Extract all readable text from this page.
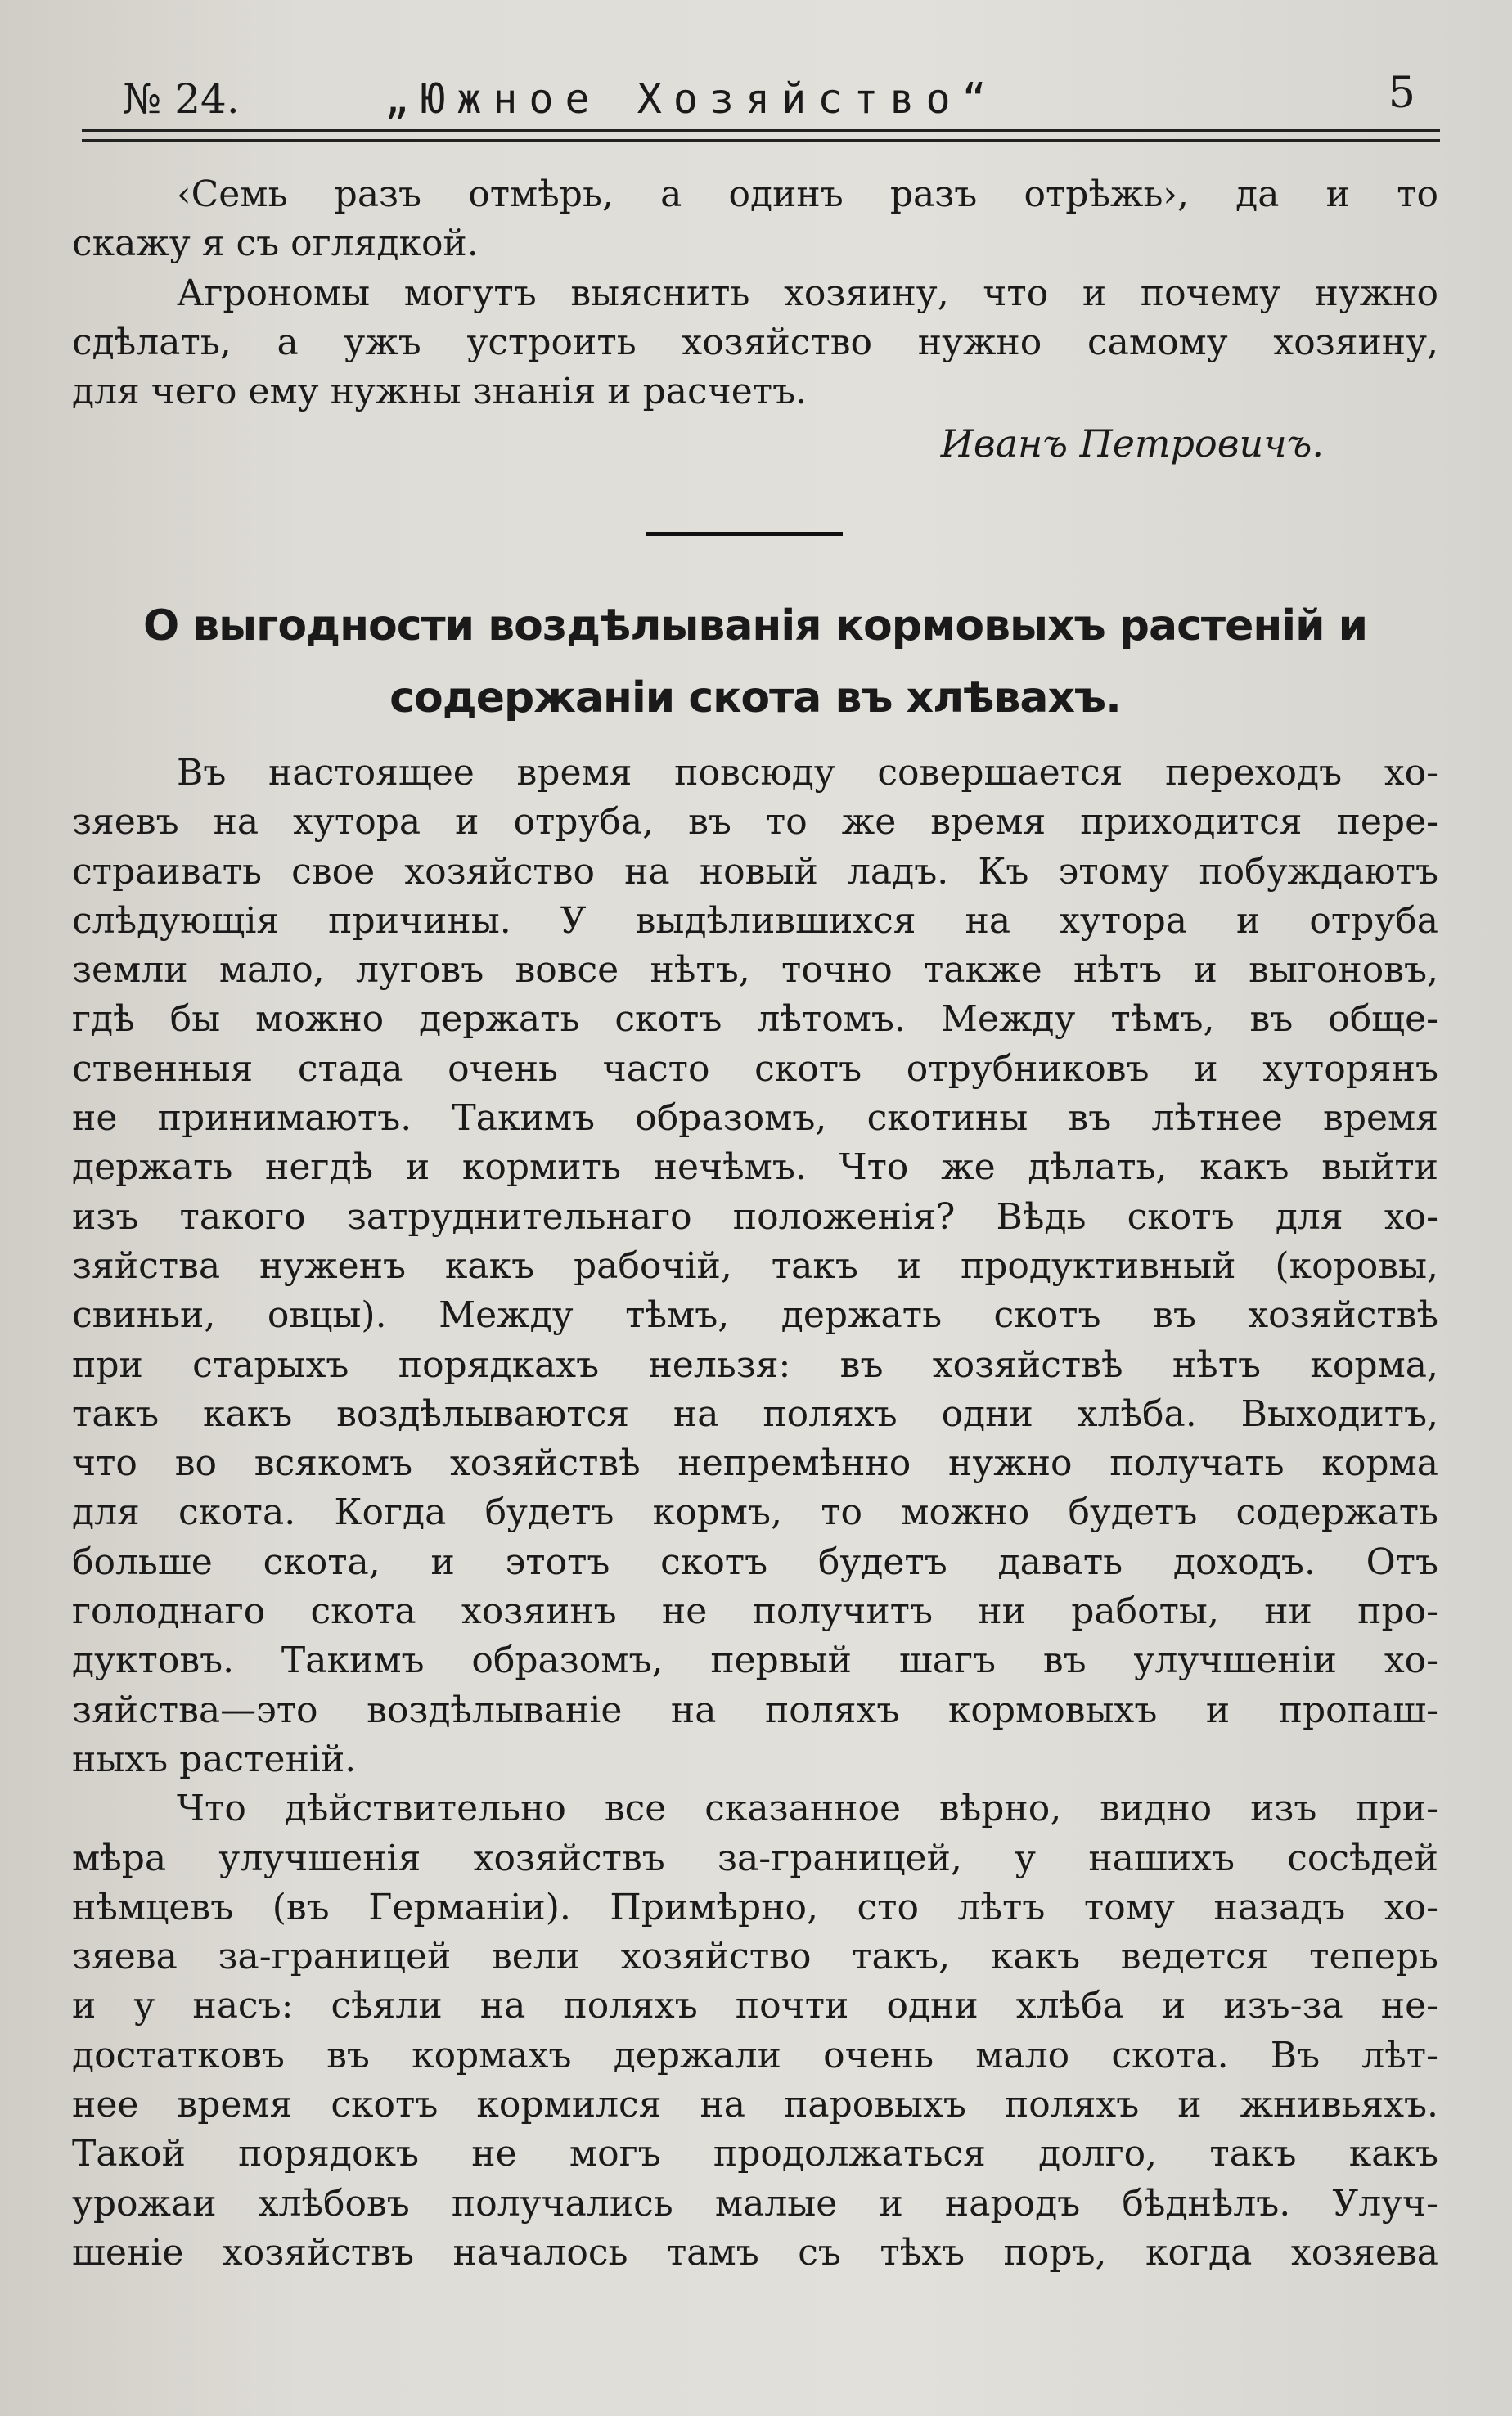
№ 24.	„Южное Хозяйство“	5
‹Семь разъ отмѣрь, а одинъ разъ отрѣжь›, да и то
скажу я съ оглядкой.
Агрономы могутъ выяснить хозяину, что и почему нужно
сдѣлать, а ужъ устроить хозяйство нужно самому хозяину,
для чего ему нужны знанія и расчетъ.
Иванъ Петровичъ.
О выгодности воздѣлыванія кормовыхъ растеній и
содержаніи скота въ хлѣвахъ.
Въ настоящее время повсюду совершается переходъ хо-
зяевъ на хутора и отруба, въ то же время приходится пере-
страивать свое хозяйство на новый ладъ. Къ этому побуждаютъ
слѣдующія причины. У выдѣлившихся на хутора и отруба
земли мало, луговъ вовсе нѣтъ, точно также нѣтъ и выгоновъ,
гдѣ бы можно держать скотъ лѣтомъ. Между тѣмъ, въ обще-
ственныя стада очень часто скотъ отрубниковъ и хуторянъ
не принимаютъ. Такимъ образомъ, скотины въ лѣтнее время
держать негдѣ и кормить нечѣмъ. Что же дѣлать, какъ выйти
изъ такого затруднительнаго положенія? Вѣдь скотъ для хо-
зяйства нуженъ какъ рабочій, такъ и продуктивный (коровы,
свиньи, овцы). Между тѣмъ, держать скотъ въ хозяйствѣ
при старыхъ порядкахъ нельзя: въ хозяйствѣ нѣтъ корма,
такъ какъ воздѣлываются на поляхъ одни хлѣба. Выходитъ,
что во всякомъ хозяйствѣ непремѣнно нужно получать корма
для скота. Когда будетъ кормъ, то можно будетъ содержать
больше скота, и этотъ скотъ будетъ давать доходъ. Отъ
голоднаго скота хозяинъ не получитъ ни работы, ни про-
дуктовъ. Такимъ образомъ, первый шагъ въ улучшеніи хо-
зяйства—это воздѣлываніе на поляхъ кормовыхъ и пропаш-
ныхъ растеній.
Что дѣйствительно все сказанное вѣрно, видно изъ при-
мѣра улучшенія хозяйствъ за-границей, у нашихъ сосѣдей
нѣмцевъ (въ Германіи). Примѣрно, сто лѣтъ тому назадъ хо-
зяева за-границей вели хозяйство такъ, какъ ведется теперь
и у насъ: сѣяли на поляхъ почти одни хлѣба и изъ-за не-
достатковъ въ кормахъ держали очень мало скота. Въ лѣт-
нее время скотъ кормился на паровыхъ поляхъ и жнивьяхъ.
Такой порядокъ не могъ продолжаться долго, такъ какъ
урожаи хлѣбовъ получались малые и народъ бѣднѣлъ. Улуч-
шеніе хозяйствъ началось тамъ съ тѣхъ поръ, когда хозяева
